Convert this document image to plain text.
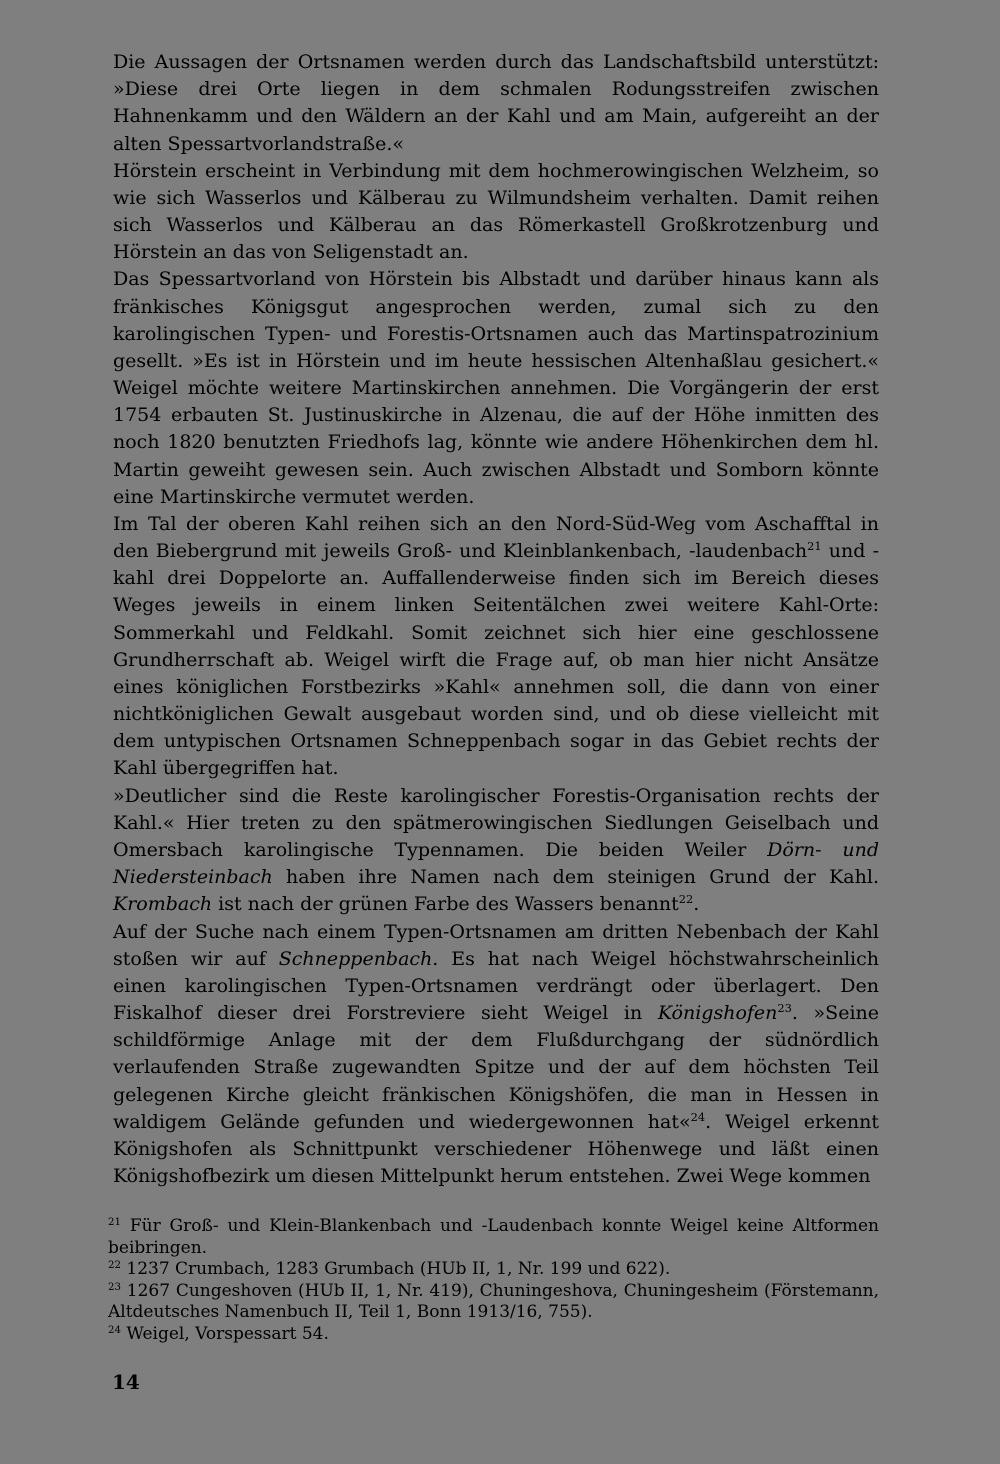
Die Aussagen der Ortsnamen werden durch das Landschaftsbild unterstützt: »Diese drei Orte liegen in dem schmalen Rodungsstreifen zwischen Hahnenkamm und den Wäldern an der Kahl und am Main, aufgereiht an der alten Spessartvorlandstraße.«

Hörstein erscheint in Verbindung mit dem hochmerowingischen Welzheim, so wie sich Wasserlos und Kälberau zu Wilmundsheim verhalten. Damit reihen sich Wasserlos und Kälberau an das Römerkastell Großkrotzenburg und Hörstein an das von Seligenstadt an.

Das Spessartvorland von Hörstein bis Albstadt und darüber hinaus kann als fränkisches Königsgut angesprochen werden, zumal sich zu den karolingischen Typen- und Forestis-Ortsnamen auch das Martinspatrozinium gesellt. »Es ist in Hörstein und im heute hessischen Altenhaßlau gesichert.« Weigel möchte weitere Martinskirchen annehmen. Die Vorgängerin der erst 1754 erbauten St. Justinuskirche in Alzenau, die auf der Höhe inmitten des noch 1820 benutzten Friedhofs lag, könnte wie andere Höhenkirchen dem hl. Martin geweiht gewesen sein. Auch zwischen Albstadt und Somborn könnte eine Martinskirche vermutet werden.

Im Tal der oberen Kahl reihen sich an den Nord-Süd-Weg vom Aschafftal in den Biebergrund mit jeweils Groß- und Kleinblankenbach, -laudenbach$^{21}$ und -kahl drei Doppelorte an. Auffallenderweise finden sich im Bereich dieses Weges jeweils in einem linken Seitentälchen zwei weitere Kahl-Orte: Sommerkahl und Feldkahl. Somit zeichnet sich hier eine geschlossene Grundherrschaft ab. Weigel wirft die Frage auf, ob man hier nicht Ansätze eines königlichen Forstbezirks »Kahl« annehmen soll, die dann von einer nichtköniglichen Gewalt ausgebaut worden sind, und ob diese vielleicht mit dem untypischen Ortsnamen Schneppenbach sogar in das Gebiet rechts der Kahl übergegriffen hat.

»Deutlicher sind die Reste karolingischer Forestis-Organisation rechts der Kahl.« Hier treten zu den spätmerowingischen Siedlungen Geiselbach und Omersbach karolingische Typennamen. Die beiden Weiler Dörn- und Niedersteinbach haben ihre Namen nach dem steinigen Grund der Kahl. Krombach ist nach der grünen Farbe des Wassers benannt$^{22}$.

Auf der Suche nach einem Typen-Ortsnamen am dritten Nebenbach der Kahl stoßen wir auf Schneppenbach. Es hat nach Weigel höchstwahrscheinlich einen karolingischen Typen-Ortsnamen verdrängt oder überlagert. Den Fiskalhof dieser drei Forstreviere sieht Weigel in Königshofen$^{23}$. »Seine schildförmige Anlage mit der dem Flußdurchgang der südnördlich verlaufenden Straße zugewandten Spitze und der auf dem höchsten Teil gelegenen Kirche gleicht fränkischen Königshöfen, die man in Hessen in waldigem Gelände gefunden und wiedergewonnen hat«$^{24}$. Weigel erkennt Königshofen als Schnittpunkt verschiedener Höhenwege und läßt einen Königshofbezirk um diesen Mittelpunkt herum entstehen. Zwei Wege kommen

$^{21}$ Für Groß- und Klein-Blankenbach und -Laudenbach konnte Weigel keine Altformen beibringen.

$^{22}$ 1237 Crumbach, 1283 Grumbach (HUb II, 1, Nr. 199 und 622).

$^{23}$ 1267 Cungeshoven (HUb II, 1, Nr. 419), Chuningeshova, Chuningesheim (Förstemann, Altdeutsches Namenbuch II, Teil 1, Bonn 1913/16, 755).

$^{24}$ Weigel, Vorspessart 54.

14
